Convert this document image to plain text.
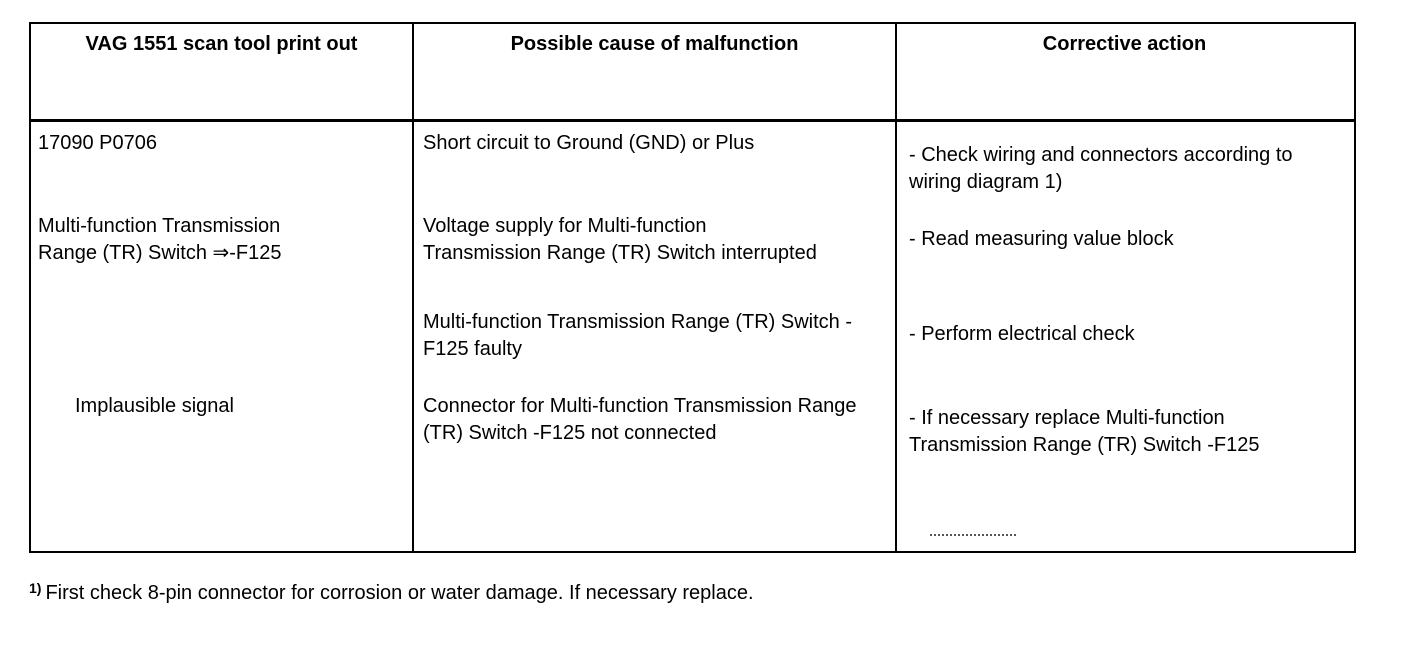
VAG 1551 scan tool print out	Possible cause of malfunction	Corrective action
17090 P0706
Multi-function Transmission
Range (TR) Switch ⇒-F125
Implausible signal
Short circuit to Ground (GND) or Plus
Voltage supply for Multi-function Transmission Range (TR) Switch interrupted
Multi-function Transmission Range (TR) Switch -F125 faulty
Connector for Multi-function Transmission Range (TR) Switch -F125 not connected
- Check wiring and connectors according to wiring diagram 1)
- Read measuring value block
- Perform electrical check
- If necessary replace Multi-function Transmission Range (TR) Switch -F125
$^{1)}$ First check 8-pin connector for corrosion or water damage. If necessary replace.
